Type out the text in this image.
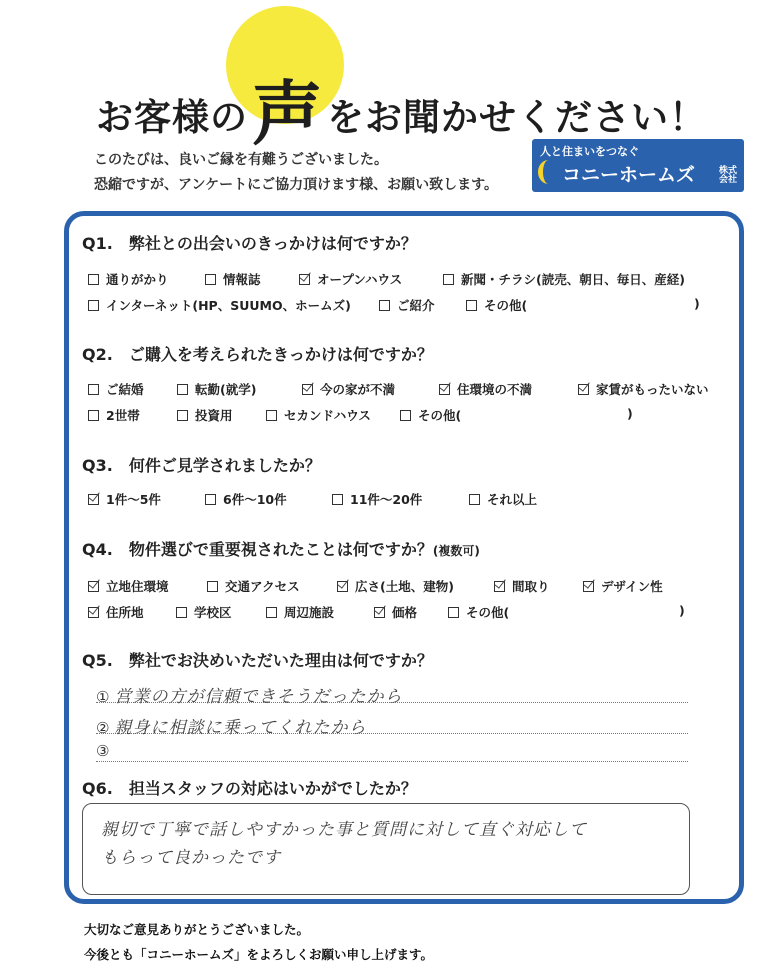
お客様の声 をお聞かせください！
このたびは、良いご縁を有難うございました。
恐縮ですが、アンケートにご協力頂けます様、お願い致します。
人と住まいをつなぐ
コニーホームズ	株式会社
Q1.　弊社との出会いのきっかけは何ですか？
通りがかり	情報誌	オープンハウス	新聞・チラシ(読売、朝日、毎日、産経)
インターネット(HP、SUUMO、ホームズ)	ご紹介	その他(	)
Q2.　ご購入を考えられたきっかけは何ですか？
ご結婚	転勤(就学)	今の家が不満	住環境の不満	家賃がもったいない
2世帯	投資用	セカンドハウス	その他(	)
Q3.　何件ご見学されましたか？
1件～5件	6件～10件	11件～20件	それ以上
Q4.　物件選びで重要視されたことは何ですか？(複数可)
立地住環境	交通アクセス	広さ(土地、建物)	間取り	デザイン性
住所地	学校区	周辺施設	価格	その他(	)
Q5.　弊社でお決めいただいた理由は何ですか？
① 営業の方が信頼できそうだったから
② 親身に相談に乗ってくれたから
③
Q6.　担当スタッフの対応はいかがでしたか？
親切で丁寧で話しやすかった事と質問に対して直ぐ対応して
もらって良かったです
大切なご意見ありがとうございました。
今後とも「コニーホームズ」をよろしくお願い申し上げます。
